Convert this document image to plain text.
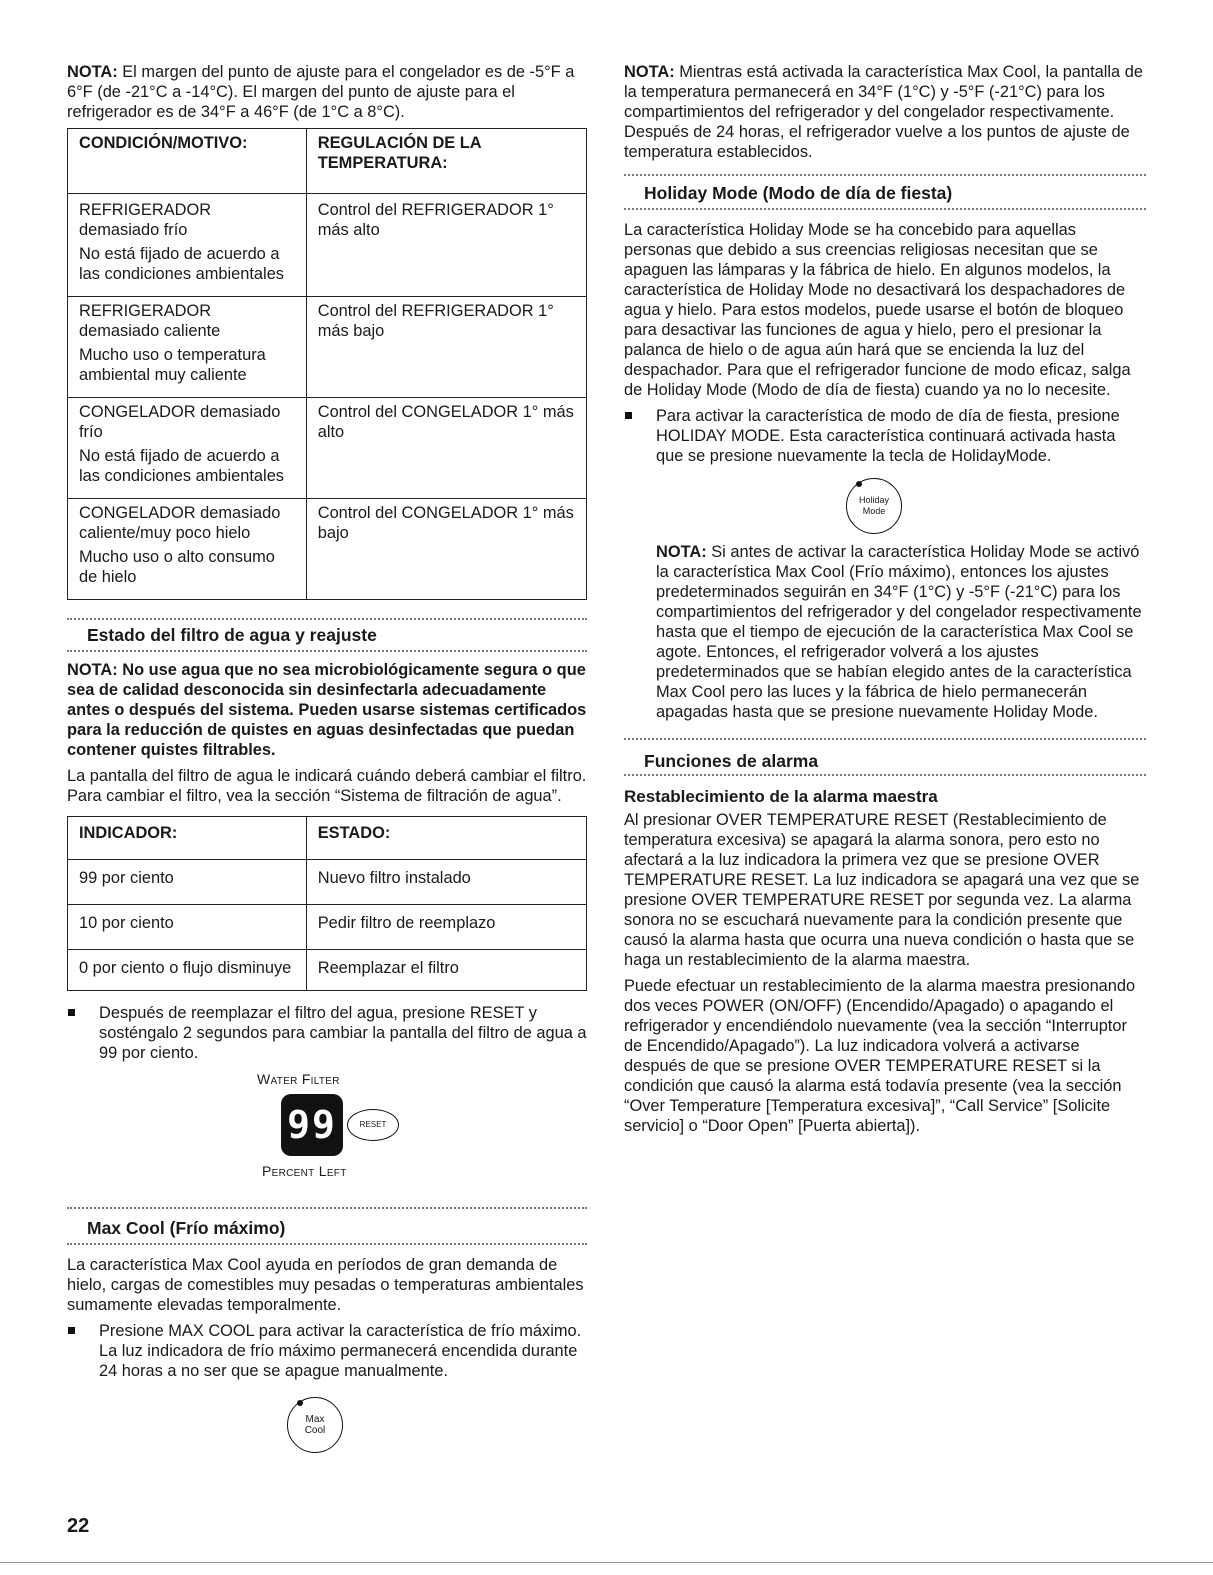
NOTA: El margen del punto de ajuste para el congelador es de -5°F a 6°F (de -21°C a -14°C). El margen del punto de ajuste para el refrigerador es de 34°F a 46°F (de 1°C a 8°C).

CONDICIÓN/MOTIVO:	REGULACIÓN DE LA TEMPERATURA:

REFRIGERADOR demasiado frío

No está fijado de acuerdo a las condiciones ambientales	Control del REFRIGERADOR 1° más alto

REFRIGERADOR demasiado caliente

Mucho uso o temperatura ambiental muy caliente	Control del REFRIGERADOR 1° más bajo

CONGELADOR demasiado frío

No está fijado de acuerdo a las condiciones ambientales	Control del CONGELADOR 1° más alto

CONGELADOR demasiado caliente/muy poco hielo

Mucho uso o alto consumo de hielo	Control del CONGELADOR 1° más bajo
Estado del filtro de agua y reajuste

NOTA: No use agua que no sea microbiológicamente segura o que sea de calidad desconocida sin desinfectarla adecuadamente antes o después del sistema. Pueden usarse sistemas certificados para la reducción de quistes en aguas desinfectadas que puedan contener quistes filtrables.

La pantalla del filtro de agua le indicará cuándo deberá cambiar el filtro. Para cambiar el filtro, vea la sección “Sistema de filtración de agua”.

INDICADOR:	ESTADO:
99 por ciento	Nuevo filtro instalado
10 por ciento	Pedir filtro de reemplazo
0 por ciento o flujo disminuye	Reemplazar el filtro
Después de reemplazar el filtro del agua, presione RESET y sosténgalo 2 segundos para cambiar la pantalla del filtro de agua a 99 por ciento.
Water Filter
99	RESET
Percent Left
Max Cool (Frío máximo)

La característica Max Cool ayuda en períodos de gran demanda de hielo, cargas de comestibles muy pesadas o temperaturas ambientales sumamente elevadas temporalmente.

Presione MAX COOL para activar la característica de frío máximo. La luz indicadora de frío máximo permanecerá encendida durante 24 horas a no ser que se apague manualmente.
Max
Cool

NOTA: Mientras está activada la característica Max Cool, la pantalla de la temperatura permanecerá en 34°F (1°C) y -5°F (-21°C) para los compartimientos del refrigerador y del congelador respectivamente. Después de 24 horas, el refrigerador vuelve a los puntos de ajuste de temperatura establecidos.

Holiday Mode (Modo de día de fiesta)

La característica Holiday Mode se ha concebido para aquellas personas que debido a sus creencias religiosas necesitan que se apaguen las lámparas y la fábrica de hielo. En algunos modelos, la característica de Holiday Mode no desactivará los despachadores de agua y hielo. Para estos modelos, puede usarse el botón de bloqueo para desactivar las funciones de agua y hielo, pero el presionar la palanca de hielo o de agua aún hará que se encienda la luz del despachador. Para que el refrigerador funcione de modo eficaz, salga de Holiday Mode (Modo de día de fiesta) cuando ya no lo necesite.

Para activar la característica de modo de día de fiesta, presione HOLIDAY MODE. Esta característica continuará activada hasta que se presione nuevamente la tecla de HolidayMode.
Holiday
Mode

NOTA: Si antes de activar la característica Holiday Mode se activó la característica Max Cool (Frío máximo), entonces los ajustes predeterminados seguirán en 34°F (1°C) y -5°F (-21°C) para los compartimientos del refrigerador y del congelador respectivamente hasta que el tiempo de ejecución de la característica Max Cool se agote. Entonces, el refrigerador volverá a los ajustes predeterminados que se habían elegido antes de la característica Max Cool pero las luces y la fábrica de hielo permanecerán apagadas hasta que se presione nuevamente Holiday Mode.

Funciones de alarma
Restablecimiento de la alarma maestra

Al presionar OVER TEMPERATURE RESET (Restablecimiento de temperatura excesiva) se apagará la alarma sonora, pero esto no afectará a la luz indicadora la primera vez que se presione OVER TEMPERATURE RESET. La luz indicadora se apagará una vez que se presione OVER TEMPERATURE RESET por segunda vez. La alarma sonora no se escuchará nuevamente para la condición presente que causó la alarma hasta que ocurra una nueva condición o hasta que se haga un restablecimiento de la alarma maestra.

Puede efectuar un restablecimiento de la alarma maestra presionando dos veces POWER (ON/OFF) (Encendido/Apagado) o apagando el refrigerador y encendiéndolo nuevamente (vea la sección “Interruptor de Encendido/Apagado”). La luz indicadora volverá a activarse después de que se presione OVER TEMPERATURE RESET si la condición que causó la alarma está todavía presente (vea la sección “Over Temperature [Temperatura excesiva]”, “Call Service” [Solicite servicio] o “Door Open” [Puerta abierta]).

22
